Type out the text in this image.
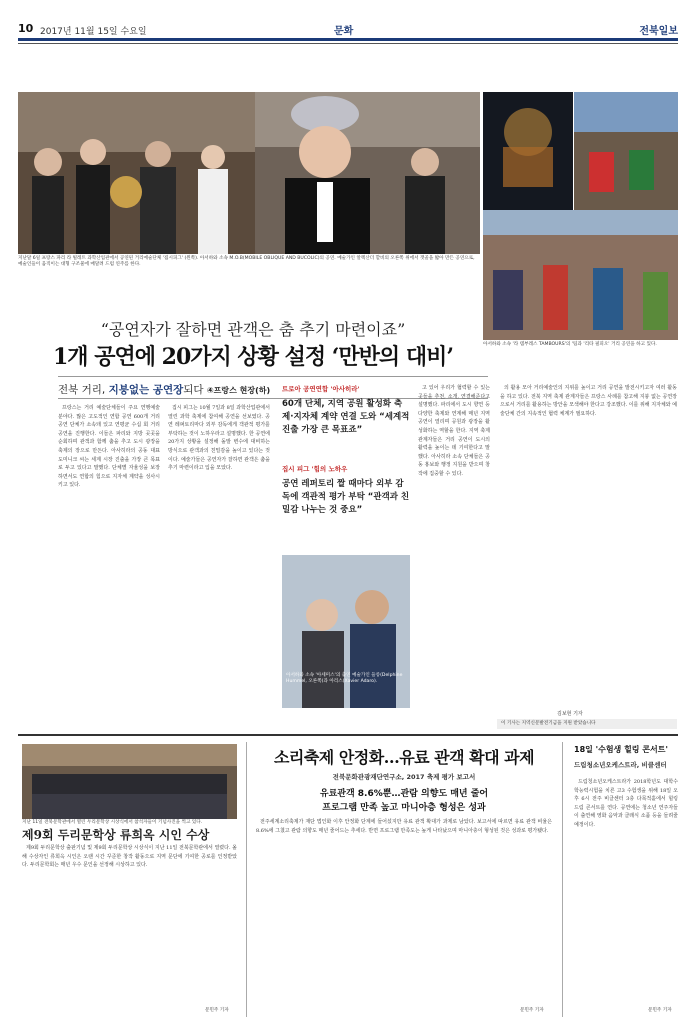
10 2017년 11월 15일 수요일	문화	전북일보
지난달 6일 프랑스 파리 라 빌레트 과학산업관에서 공연된 거리예술단체 '집시피그' (왼쪽). 아서하와 소속 M.O.B(MOBILE OBLIQUE AND BUCOLIC)의 공연. 예술가인 알렉산더 할비의 오른쪽 위에서 갯골을 밟아 만든 공연으로, 예술인들이 움직이는 대형 구조물에 매달려 드럼 연주를 한다.
아서하와 소속 '라 템부레스 TAMBOURS'의 '팀과 '리타 필피오' 거리 공연을 하고 있다.
“공연자가 잘하면 관객은 춤 추기 마련이죠”
1개 공연에 20가지 상황 설정 ‘만반의 대비’
전북 거리, 지붕없는 공연장되다 ④프랑스 현장(하)

프랑스는 거리 예술단체들이 주요 연행예술 분야다. 많은 고도적인 연합 공연 600개 거리공연 단체가 소속돼 있고 연평균 수십 회 거리 공연을 진행한다. 이들은 파리와 지방 곳곳을 순회하며 관객과 함께 춤을 추고 도시 광장을 축제의 장으로 만든다. 아사히라의 공동 대표 도미니크 씨는 세계 시장 진출을 가장 큰 목표로 두고 있다고 말했다. 단체별 자율성을 보장하면서도 연합의 힘으로 지자체 계약을 성사시키고 있다.

집시 피그는 10월 7일과 8일 과학산업관에서 열린 과학 축제에 참여해 공연을 선보였다. 공연 레퍼토리마다 외부 감독에게 객관적 평가를 부탁하는 것이 노하우라고 설명했다. 한 공연에 20가지 상황을 설정해 돌발 변수에 대비하는 방식으로 관객과의 친밀감을 높이고 있다는 것이다. 예술가들은 공연자가 잘하면 관객은 춤을 추기 마련이라고 입을 모았다.

트로아 공연연합 '아사히라'
60개 단체, 지역 공원 활성화 축제·지자체 계약 연결 도와 “세계적 진출 가장 큰 목표죠”
집시 피그 '힘의 노하우
공연 레퍼토리 짤 때마다 외부 감독에 객관적 평가 부탁 “관객과 친밀감 나누는 것 중요”
아서하와 소속 '아세미스'의 출연 예술가인 들롱(Delphine Hummel, 오른쪽)과 아리스(Xavier Adaro).

고 있어 우리가 협력할 수 있는 곳들을 추천, 소개, 연결해준다고 설명했다. 파리에서 도시 향연 등 다양한 축제와 연계해 매년 지역 공연이 열리며 공원과 광장을 활성화하는 역할을 한다. 지역 축제 관계자들은 거리 공연이 도시의 활력을 높이는 데 기여한다고 말했다. 아사히라 소속 단체들은 공동 홍보와 행정 지원을 받으며 창작에 집중할 수 있다.

의 활용 모아 거리예술인의 지위를 높이고 거리 공연을 발전시키고자 여러 활동을 하고 있다. 전북 지역 축제 관계자들은 프랑스 사례를 참고해 지붕 없는 공연장으로서 거리를 활용하는 방안을 모색해야 한다고 강조했다. 이를 위해 지자체와 예술단체 간의 지속적인 협력 체계가 필요하다.

김보현 기자
이 기사는 지역신문발전기금을 지원 받았습니다
지난 11일 전북문학관에서 열린 두리문학상 시상식에서 참석자들이 기념사진을 찍고 있다.
제9회 두리문학상 류희옥 시인 수상

제9회 두리문학상 출판기념 및 제9회 두리문학상 시상식이 지난 11일 전북문학관에서 열렸다. 올해 수상자인 류희옥 시인은 오랜 시간 꾸준한 창작 활동으로 지역 문단에 기여한 공로를 인정받았다. 두리문학회는 매년 우수 문인을 선정해 시상하고 있다.

문민주 기자
소리축제 안정화…유료 관객 확대 과제
전북문화관광재단연구소, 2017 축제 평가 보고서
유료관객 8.6%뿐…관람 의향도 매년 줄어
프로그램 만족 높고 마니아층 형성은 성과

전주세계소리축제가 재단 법인화 이후 안정화 단계에 들어섰지만 유료 관객 확대가 과제로 남았다. 보고서에 따르면 유료 관객 비율은 8.6%에 그쳤고 관람 의향도 매년 줄어드는 추세다. 반면 프로그램 만족도는 높게 나타났으며 마니아층이 형성된 것은 성과로 평가됐다.

문민주 기자
18일 '수험생 힐링 콘서트'
드림청소년오케스트라, 비클센터

드림청소년오케스트라가 2018학년도 대학수학능력시험을 치른 고3 수험생을 위해 18일 오후 6시 전주 비클센터 3층 다목적홀에서 힐링 드림 콘서트를 연다. 공연에는 청소년 연주자들이 출연해 영화 음악과 클래식 소품 등을 들려줄 예정이다.

문민주 기자
